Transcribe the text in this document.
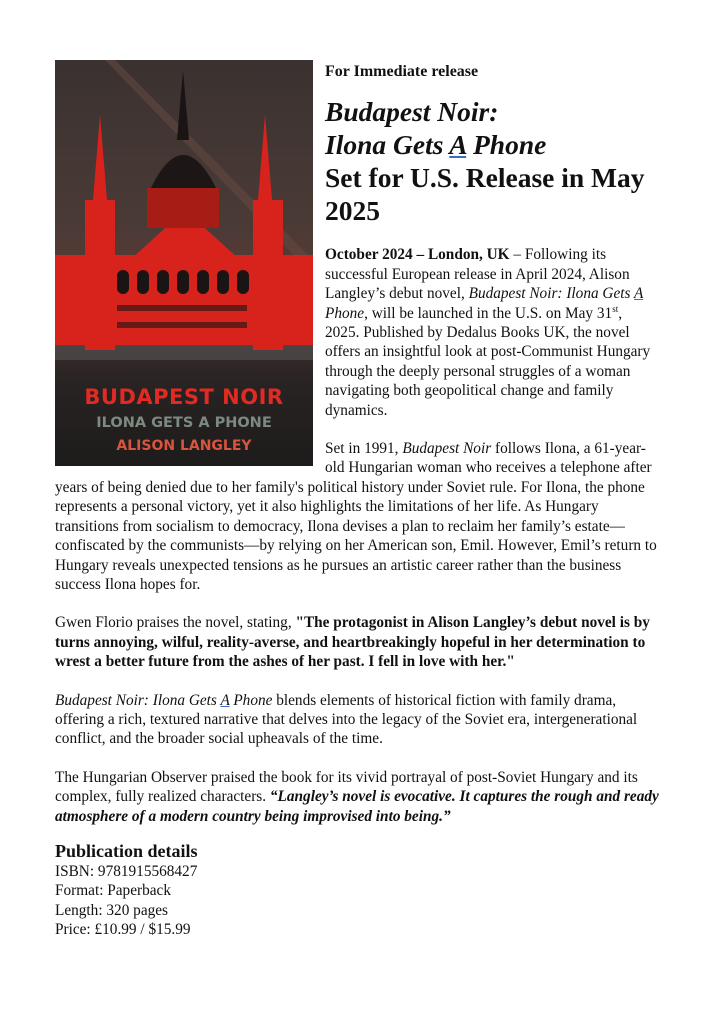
BUDAPEST NOIR
ILONA GETS A PHONE
ALISON LANGLEY
For Immediate release
Budapest Noir:
Ilona Gets A Phone
Set for U.S. Release in May 2025

October 2024 – London, UK – Following its successful European release in April 2024, Alison Langley’s debut novel, Budapest Noir: Ilona Gets A Phone, will be launched in the U.S. on May 31st, 2025. Published by Dedalus Books UK, the novel offers an insightful look at post-Communist Hungary through the deeply personal struggles of a woman navigating both geopolitical change and family dynamics.

Set in 1991, Budapest Noir follows Ilona, a 61-year-old Hungarian woman who receives a telephone after years of being denied due to her family's political history under Soviet rule. For Ilona, the phone represents a personal victory, yet it also highlights the limitations of her life. As Hungary transitions from socialism to democracy, Ilona devises a plan to reclaim her family’s estate—confiscated by the communists—by relying on her American son, Emil. However, Emil’s return to Hungary reveals unexpected tensions as he pursues an artistic career rather than the business success Ilona hopes for.

Gwen Florio praises the novel, stating, "The protagonist in Alison Langley’s debut novel is by turns annoying, wilful, reality-averse, and heartbreakingly hopeful in her determination to wrest a better future from the ashes of her past. I fell in love with her."

Budapest Noir: Ilona Gets A Phone blends elements of historical fiction with family drama, offering a rich, textured narrative that delves into the legacy of the Soviet era, intergenerational conflict, and the broader social upheavals of the time.

The Hungarian Observer praised the book for its vivid portrayal of post-Soviet Hungary and its complex, fully realized characters. “Langley’s novel is evocative. It captures the rough and ready atmosphere of a modern country being improvised into being.”

Publication details
ISBN: 9781915568427
Format: Paperback
Length: 320 pages
Price: £10.99 / $15.99
